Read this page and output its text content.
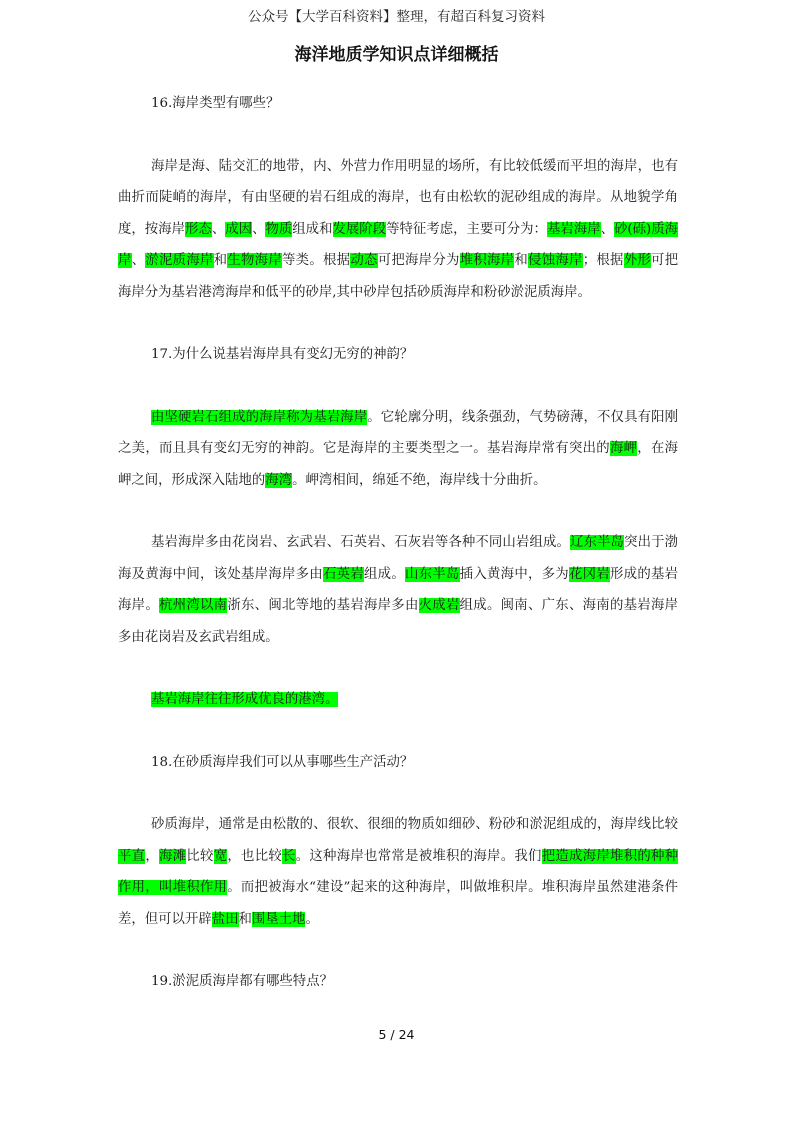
公众号【大学百科资料】整理，有超百科复习资料
海洋地质学知识点详细概括

16.海岸类型有哪些？

海岸是海、陆交汇的地带，内、外营力作用明显的场所，有比较低缓而平坦的海岸，也有曲折而陡峭的海岸，有由坚硬的岩石组成的海岸，也有由松软的泥砂组成的海岸。从地貌学角度，按海岸形态、成因、物质组成和发展阶段等特征考虑，主要可分为：基岩海岸、砂(砾)质海岸、淤泥质海岸和生物海岸等类。根据动态可把海岸分为堆积海岸和侵蚀海岸；根据外形可把海岸分为基岩港湾海岸和低平的砂岸,其中砂岸包括砂质海岸和粉砂淤泥质海岸。

17.为什么说基岩海岸具有变幻无穷的神韵？

由坚硬岩石组成的海岸称为基岩海岸。它轮廓分明，线条强劲，气势磅薄，不仅具有阳刚之美，而且具有变幻无穷的神韵。它是海岸的主要类型之一。基岩海岸常有突出的海岬，在海岬之间，形成深入陆地的海湾。岬湾相间，绵延不绝，海岸线十分曲折。

基岩海岸多由花岗岩、玄武岩、石英岩、石灰岩等各种不同山岩组成。辽东半岛突出于渤海及黄海中间，该处基岸海岸多由石英岩组成。山东半岛插入黄海中，多为花冈岩形成的基岩海岸。杭州湾以南浙东、闽北等地的基岩海岸多由火成岩组成。闽南、广东、海南的基岩海岸多由花岗岩及玄武岩组成。

基岩海岸往往形成优良的港湾。

18.在砂质海岸我们可以从事哪些生产活动？

砂质海岸，通常是由松散的、很软、很细的物质如细砂、粉砂和淤泥组成的，海岸线比较平直，海滩比较宽，也比较长。这种海岸也常常是被堆积的海岸。我们把造成海岸堆积的种种作用，叫堆积作用。而把被海水“建设”起来的这种海岸，叫做堆积岸。堆积海岸虽然建港条件差，但可以开辟盐田和围垦土地。

19.淤泥质海岸都有哪些特点？

5 / 24
